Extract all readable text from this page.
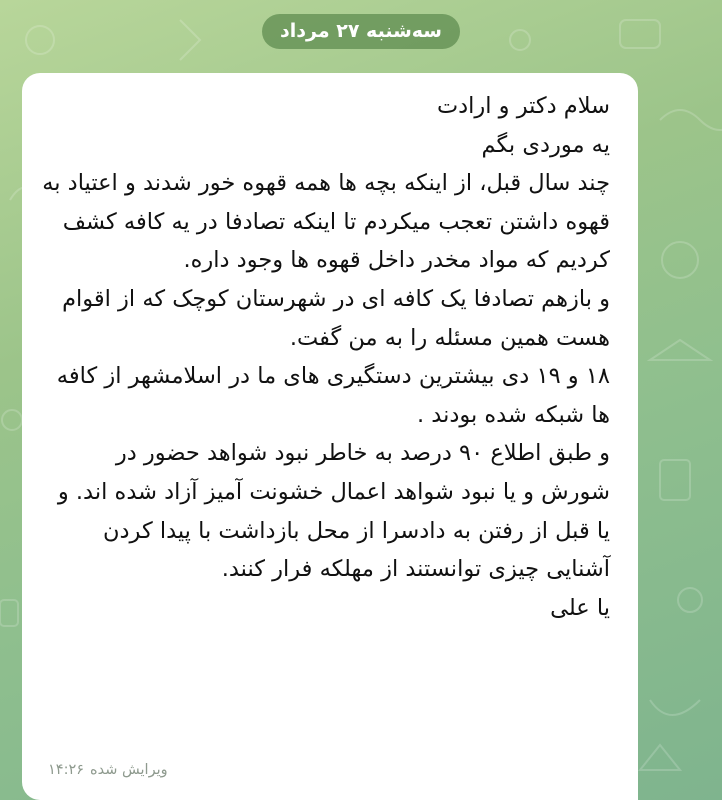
سه‌شنبه ۲۷ مرداد

سلام دکتر و ارادت

یه موردی بگم

چند سال قبل، از اینکه بچه ها همه قهوه خور شدند و اعتیاد به قهوه داشتن تعجب میکردم تا اینکه تصادفا در یه کافه کشف کردیم که مواد مخدر داخل قهوه ها وجود داره.

و بازهم تصادفا یک کافه ای در شهرستان کوچک که از اقوام هست همین مسئله را به من گفت.

۱۸ و ۱۹ دی بیشترین دستگیری های ما در اسلامشهر از کافه ها شبکه شده بودند .

و طبق اطلاع ۹۰ درصد به خاطر نبود شواهد حضور در شورش و یا نبود شواهد اعمال خشونت آمیز آزاد شده اند. و یا قبل از رفتن به دادسرا از محل بازداشت با پیدا کردن آشنایی چیزی توانستند از مهلکه فرار کنند.

یا علی

ویرایش شده۱۴:۲۶
